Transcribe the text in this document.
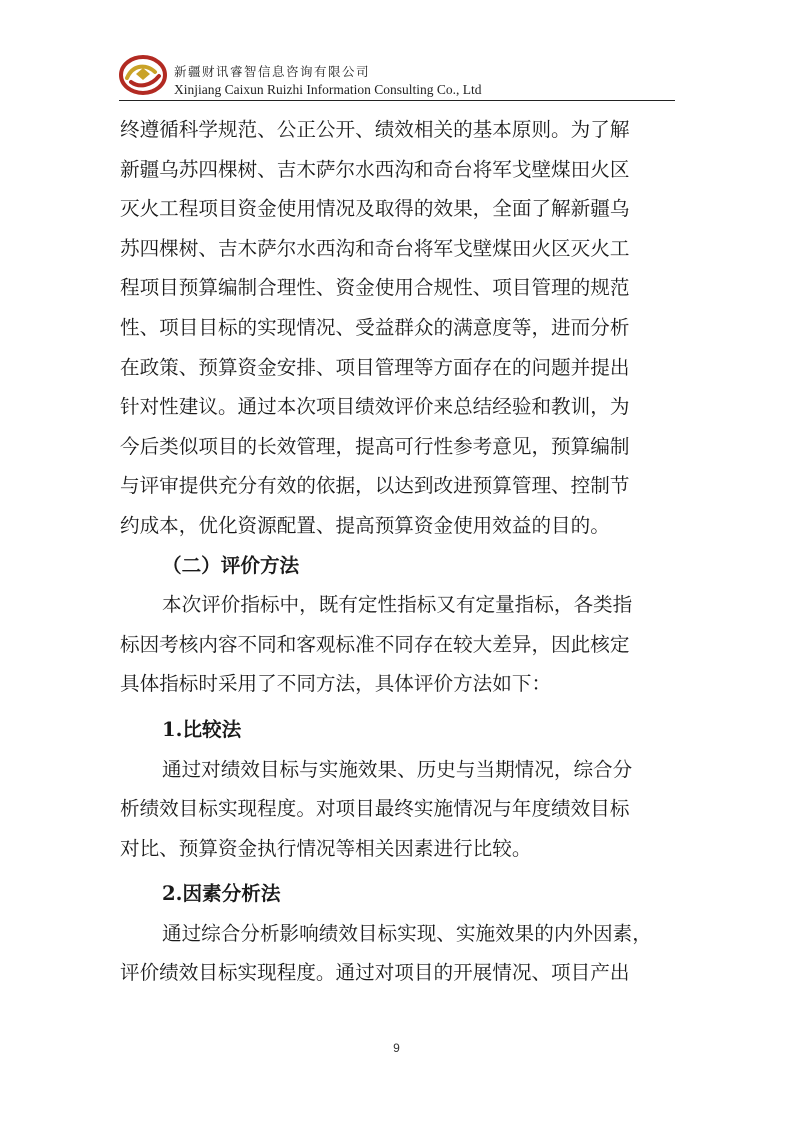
新疆财讯睿智信息咨询有限公司
Xinjiang Caixun Ruizhi Information Consulting Co., Ltd
终遵循科学规范、公正公开、绩效相关的基本原则。为了解
新疆乌苏四棵树、吉木萨尔水西沟和奇台将军戈壁煤田火区
灭火工程项目资金使用情况及取得的效果，全面了解新疆乌
苏四棵树、吉木萨尔水西沟和奇台将军戈壁煤田火区灭火工
程项目预算编制合理性、资金使用合规性、项目管理的规范
性、项目目标的实现情况、受益群众的满意度等，进而分析
在政策、预算资金安排、项目管理等方面存在的问题并提出
针对性建议。通过本次项目绩效评价来总结经验和教训，为
今后类似项目的长效管理，提高可行性参考意见，预算编制
与评审提供充分有效的依据，以达到改进预算管理、控制节
约成本，优化资源配置、提高预算资金使用效益的目的。
（二）评价方法
本次评价指标中，既有定性指标又有定量指标，各类指
标因考核内容不同和客观标准不同存在较大差异，因此核定
具体指标时采用了不同方法，具体评价方法如下：
1.比较法
通过对绩效目标与实施效果、历史与当期情况，综合分
析绩效目标实现程度。对项目最终实施情况与年度绩效目标
对比、预算资金执行情况等相关因素进行比较。
2.因素分析法
通过综合分析影响绩效目标实现、实施效果的内外因素，
评价绩效目标实现程度。通过对项目的开展情况、项目产出
9
